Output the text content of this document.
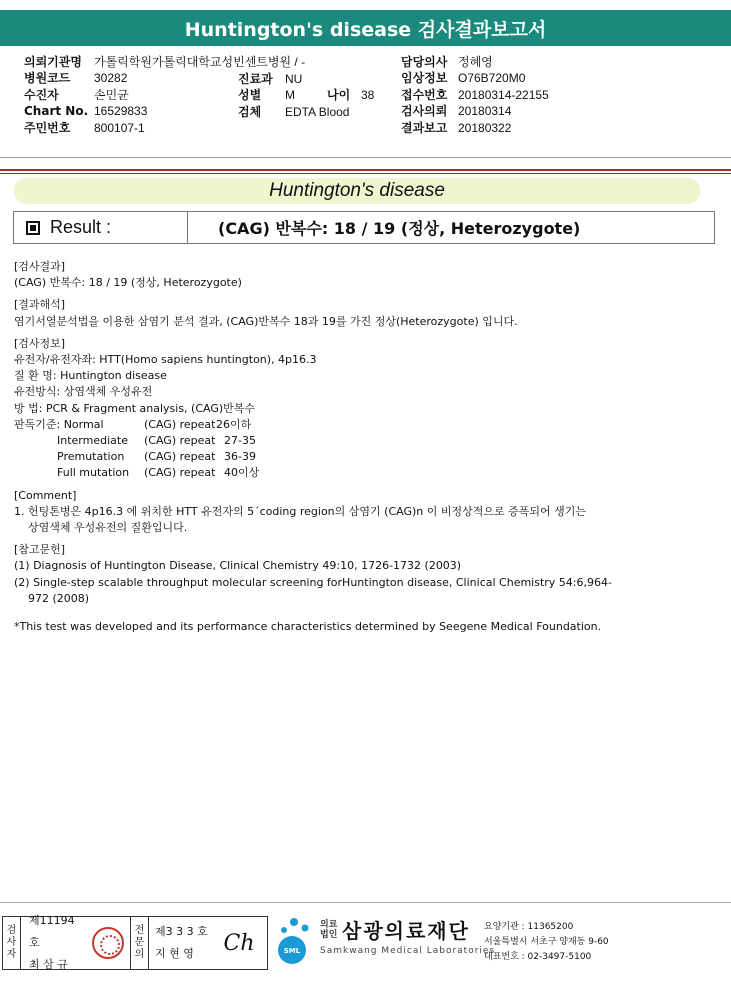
Huntington's disease 검사결과보고서
의뢰기관명	가톨릭학원가톨릭대학교성빈센트병원 / -
병원코드	30282
수진자	손민균
Chart No. 16529833
주민번호	800107-1
진료과	NU
성별	M	나이 38
검체	EDTA Blood
담당의사 정혜영
임상정보 O76B720M0
접수번호 20180314-22155
검사의뢰 20180314
결과보고 20180322
Huntington's disease
Result :	(CAG) 반복수: 18 / 19 (정상, Heterozygote)
[검사결과]
(CAG) 반복수: 18 / 19 (정상, Heterozygote)
[결과해석]
염기서열분석법을 이용한 삼염기 분석 결과, (CAG)반복수 18과 19를 가진 정상(Heterozygote) 입니다.
[검사정보]
유전자/유전자좌: HTT(Homo sapiens huntington), 4p16.3
질 환 명: Huntington disease
유전방식: 상염색체 우성유전
방 법: PCR & Fragment analysis, (CAG)반복수
판독기준: Normal	(CAG) repeat 26이하
Intermediate	(CAG) repeat 27-35
Premutation	(CAG) repeat 36-39
Full mutation	(CAG) repeat 40이상
[Comment]
1. 헌팅톤병은 4p16.3 에 위치한 HTT 유전자의 5´coding region의 삼염기 (CAG)n 이 비정상적으로 증폭되어 생기는
상염색체 우성유전의 질환입니다.
[참고문헌]
(1) Diagnosis of Huntington Disease, Clinical Chemistry 49:10, 1726-1732 (2003)
(2) Single-step scalable throughput molecular screening forHuntington disease, Clinical Chemistry 54:6,964-
972 (2008)
*This test was developed and its performance characteristics determined by Seegene Medical Foundation.
검
사
자
제11194호
최 삼 규
전
문
의
제3 3 3 호
지 현 영	Ch	SML
의료
법인 삼광의료재단
Samkwang Medical Laboratories
요양기관 : 11365200
서울특별시 서초구 양재동 9-60
대표번호 : 02-3497-5100
